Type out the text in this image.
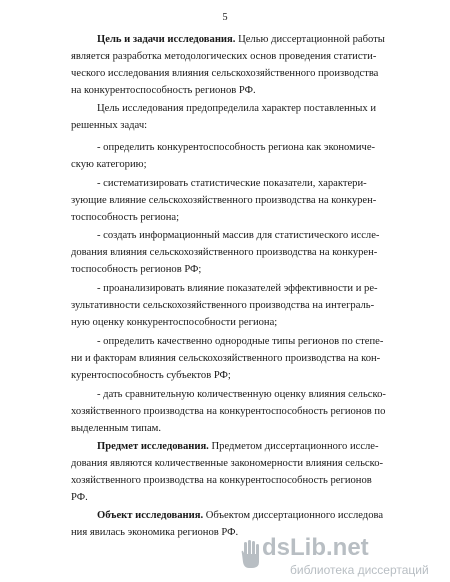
5
Цель и задачи исследования. Целью диссертационной работы
является разработка методологических основ проведения статисти-
ческого исследования влияния сельскохозяйственного производства
на конкурентоспособность регионов РФ.
Цель исследования предопределила характер поставленных и
решенных задач:
- определить конкурентоспособность региона как экономиче-
скую категорию;
- систематизировать статистические показатели, характери-
зующие влияние сельскохозяйственного производства на конкурен-
тоспособность региона;
- создать информационный массив для статистического иссле-
дования влияния сельскохозяйственного производства на конкурен-
тоспособность регионов РФ;
- проанализировать влияние показателей эффективности и ре-
зультативности сельскохозяйственного производства на интеграль-
ную оценку конкурентоспособности региона;
- определить качественно однородные типы регионов по степе-
ни и факторам влияния сельскохозяйственного производства на кон-
курентоспособность субъектов РФ;
- дать сравнительную количественную оценку влияния сельско-
хозяйственного производства на конкурентоспособность регионов по
выделенным типам.
Предмет исследования. Предметом диссертационного иссле-
дования являются количественные закономерности влияния сельско-
хозяйственного производства на конкурентоспособность регионов
РФ.
Объект исследования. Объектом диссертационного исследова
ния явилась экономика регионов РФ.
dsLib.net
библиотека диссертаций
